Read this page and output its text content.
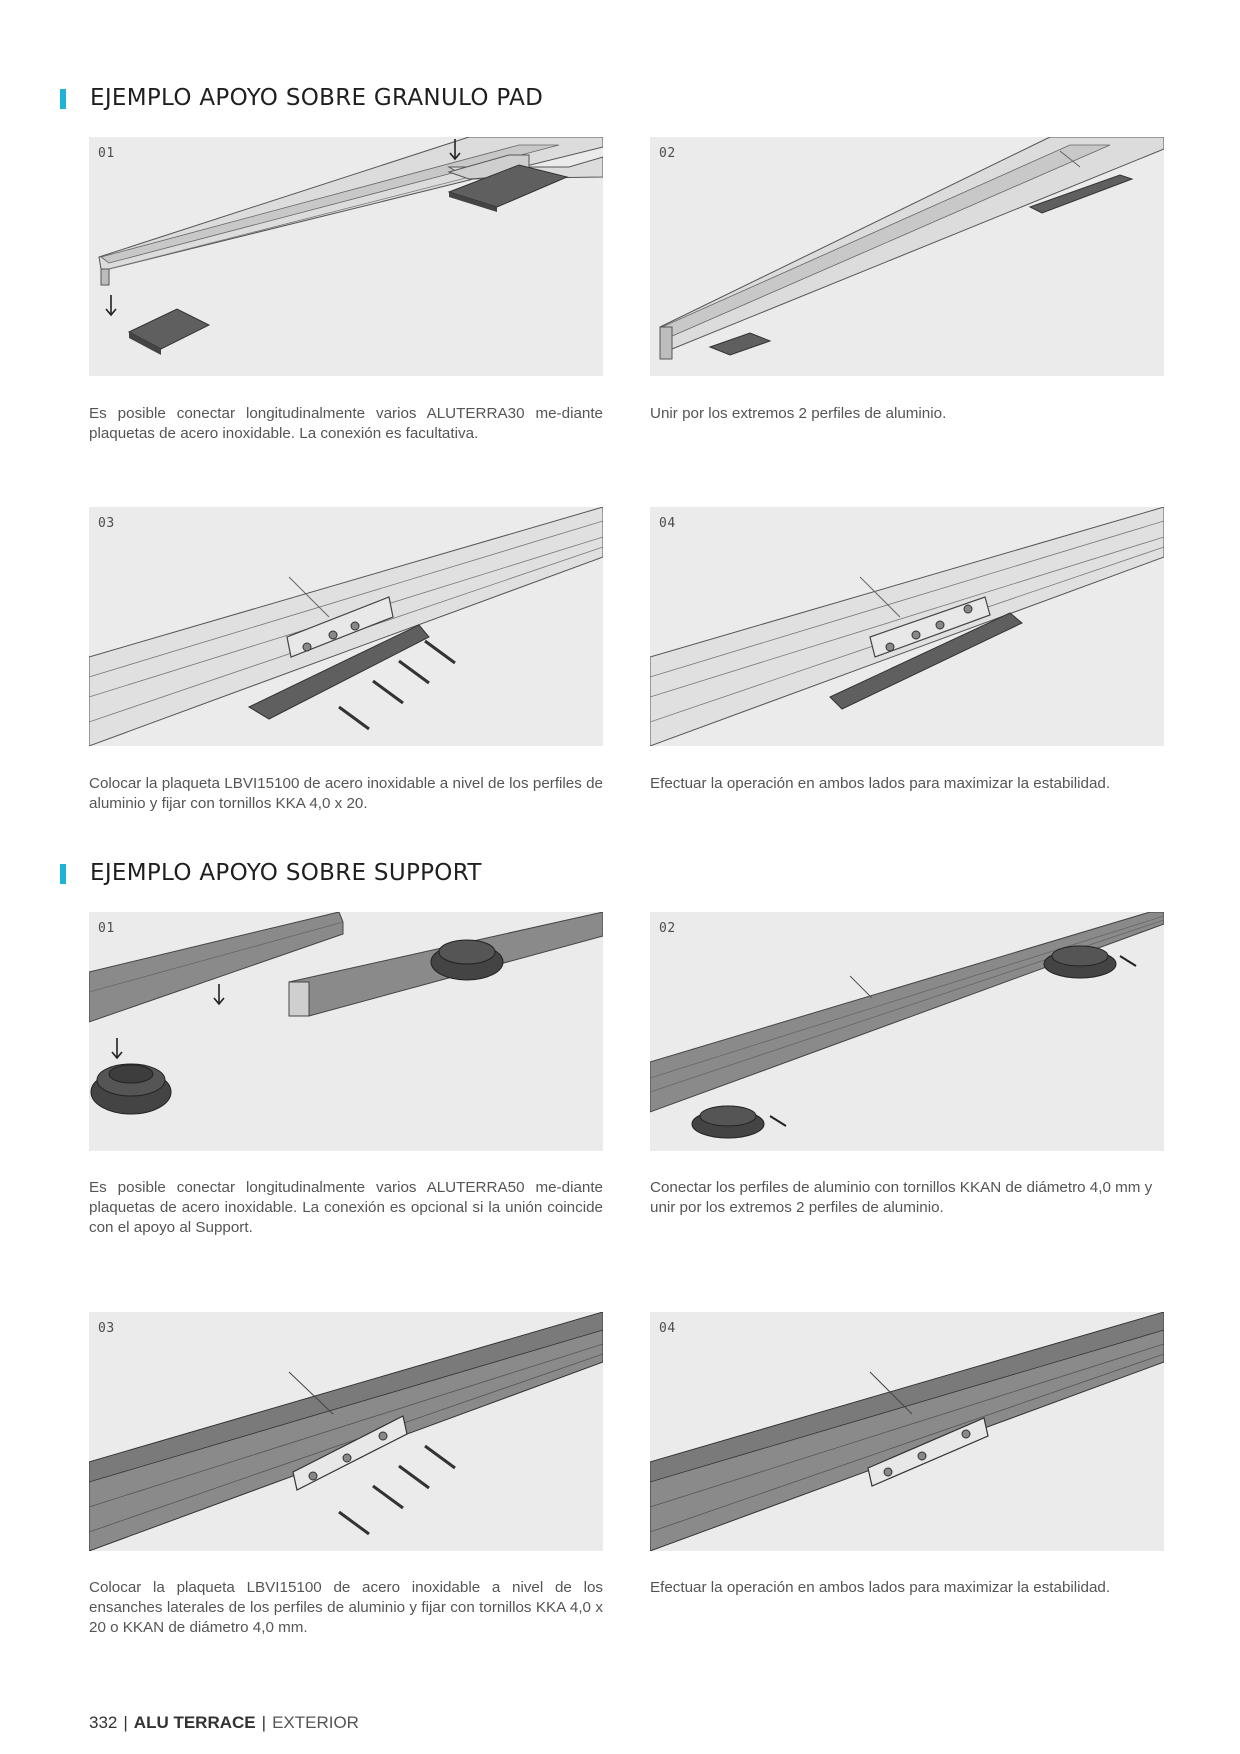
EJEMPLO APOYO SOBRE GRANULO PAD
01

Es posible conectar longitudinalmente varios ALUTERRA30 me-diante plaquetas de acero inoxidable. La conexión es facultativa.

02

Unir por los extremos 2 perfiles de aluminio.

03

Colocar la plaqueta LBVI15100 de acero inoxidable a nivel de los perfiles de aluminio y fijar con tornillos KKA 4,0 x 20.

04

Efectuar la operación en ambos lados para maximizar la estabilidad.

EJEMPLO APOYO SOBRE SUPPORT
01

Es posible conectar longitudinalmente varios ALUTERRA50 me-diante plaquetas de acero inoxidable. La conexión es opcional si la unión coincide con el apoyo al Support.

02

Conectar los perfiles de aluminio con tornillos KKAN de diámetro 4,0 mm y unir por los extremos 2 perfiles de aluminio.

03

Colocar la plaqueta LBVI15100 de acero inoxidable a nivel de los ensanches laterales de los perfiles de aluminio y fijar con tornillos KKA 4,0 x 20 o KKAN de diámetro 4,0 mm.

04

Efectuar la operación en ambos lados para maximizar la estabilidad.

332 | ALU TERRACE | EXTERIOR
